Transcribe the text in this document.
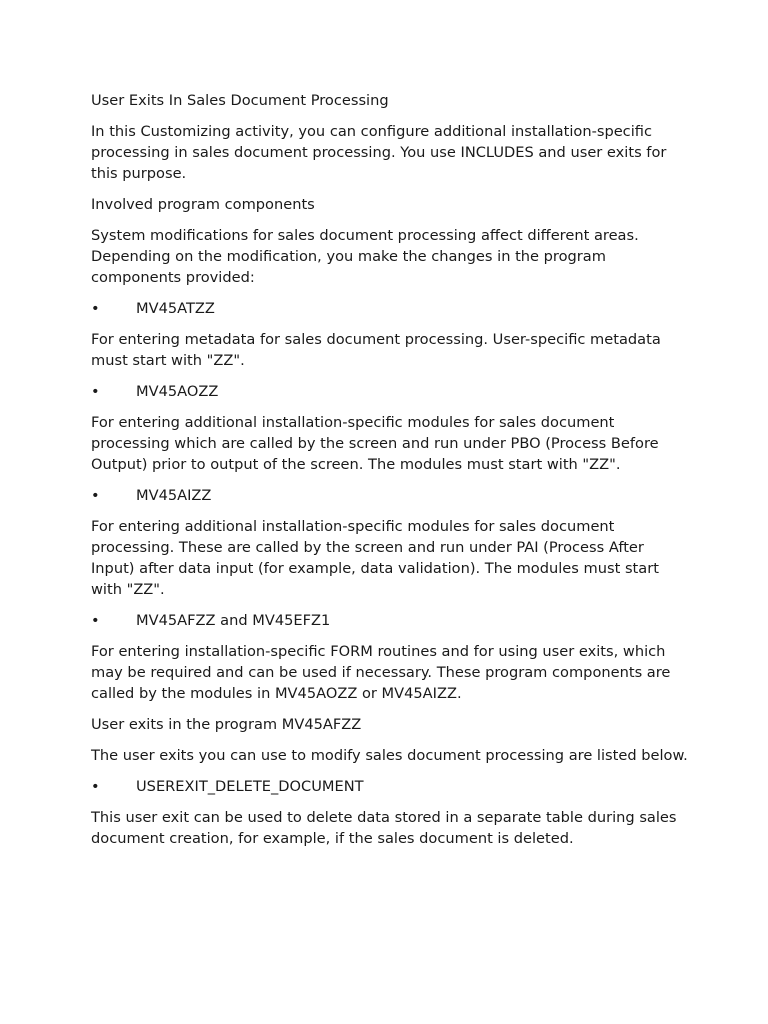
User Exits In Sales Document Processing

In this Customizing activity, you can configure additional installation-specific processing in sales document processing. You use INCLUDES and user exits for this purpose.

Involved program components

System modifications for sales document processing affect different areas. Depending on the modification, you make the changes in the program components provided:

•	MV45ATZZ

For entering metadata for sales document processing. User-specific metadata must start with "ZZ".

•	MV45AOZZ

For entering additional installation-specific modules for sales document processing which are called by the screen and run under PBO (Process Before Output) prior to output of the screen. The modules must start with "ZZ".

•	MV45AIZZ

For entering additional installation-specific modules for sales document processing. These are called by the screen and run under PAI (Process After Input) after data input (for example, data validation). The modules must start with "ZZ".

•	MV45AFZZ and MV45EFZ1

For entering installation-specific FORM routines and for using user exits, which may be required and can be used if necessary. These program components are called by the modules in MV45AOZZ or MV45AIZZ.

User exits in the program MV45AFZZ

The user exits you can use to modify sales document processing are listed below.

•	USEREXIT_DELETE_DOCUMENT

This user exit can be used to delete data stored in a separate table during sales document creation, for example, if the sales document is deleted.
